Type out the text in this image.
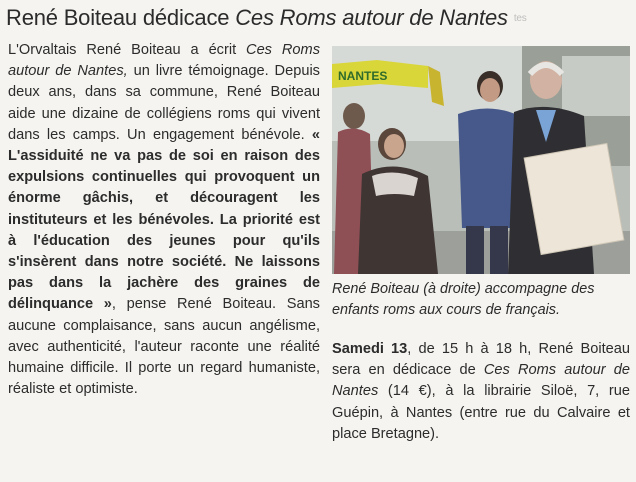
René Boiteau dédicace Ces Roms autour de Nantes tes

L'Orvaltais René Boiteau a écrit Ces Roms autour de Nantes, un livre témoignage. Depuis deux ans, dans sa commune, René Boiteau aide une dizaine de collégiens roms qui vivent dans les camps. Un engagement bénévole. « L'assiduité ne va pas de soi en raison des expulsions continuelles qui provoquent un énorme gâchis, et découragent les instituteurs et les bénévoles. La priorité est à l'éducation des jeunes pour qu'ils s'insèrent dans notre société. Ne laissons pas dans la jachère des graines de délinquance », pense René Boiteau. Sans aucune complaisance, sans aucun angélisme, avec authenticité, l'auteur raconte une réalité humaine difficile. Il porte un regard humaniste, réaliste et optimiste.

NANTES
René Boiteau (à droite) accompagne des enfants roms aux cours de français.
Samedi 13, de 15 h à 18 h, René Boiteau sera en dédicace de Ces Roms autour de Nantes (14 €), à la librairie Siloë, 7, rue Guépin, à Nantes (entre rue du Calvaire et place Bretagne).
